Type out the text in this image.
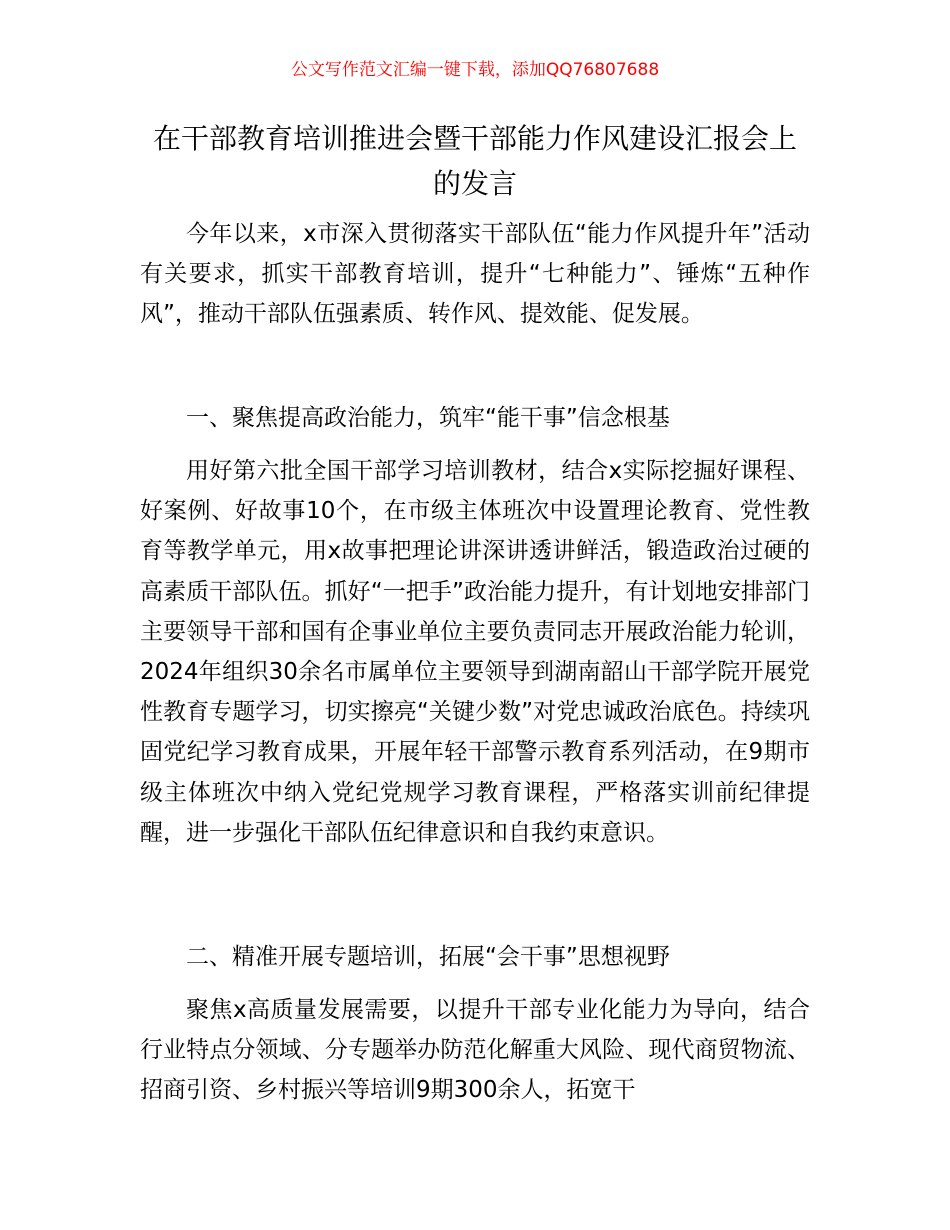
公文写作范文汇编一键下载，添加QQ76807688
在干部教育培训推进会暨干部能力作风建设汇报会上的发言

今年以来，x市深入贯彻落实干部队伍“能力作风提升年”活动有关要求，抓实干部教育培训，提升“七种能力”、锤炼“五种作风”，推动干部队伍强素质、转作风、提效能、促发展。

一、聚焦提高政治能力，筑牢“能干事”信念根基

用好第六批全国干部学习培训教材，结合x实际挖掘好课程、好案例、好故事10个，在市级主体班次中设置理论教育、党性教育等教学单元，用x故事把理论讲深讲透讲鲜活，锻造政治过硬的高素质干部队伍。抓好“一把手”政治能力提升，有计划地安排部门主要领导干部和国有企事业单位主要负责同志开展政治能力轮训，2024年组织30余名市属单位主要领导到湖南韶山干部学院开展党性教育专题学习，切实擦亮“关键少数”对党忠诚政治底色。持续巩固党纪学习教育成果，开展年轻干部警示教育系列活动，在9期市级主体班次中纳入党纪党规学习教育课程，严格落实训前纪律提醒，进一步强化干部队伍纪律意识和自我约束意识。

二、精准开展专题培训，拓展“会干事”思想视野

聚焦x高质量发展需要，以提升干部专业化能力为导向，结合行业特点分领域、分专题举办防范化解重大风险、现代商贸物流、招商引资、乡村振兴等培训9期300余人，拓宽干
